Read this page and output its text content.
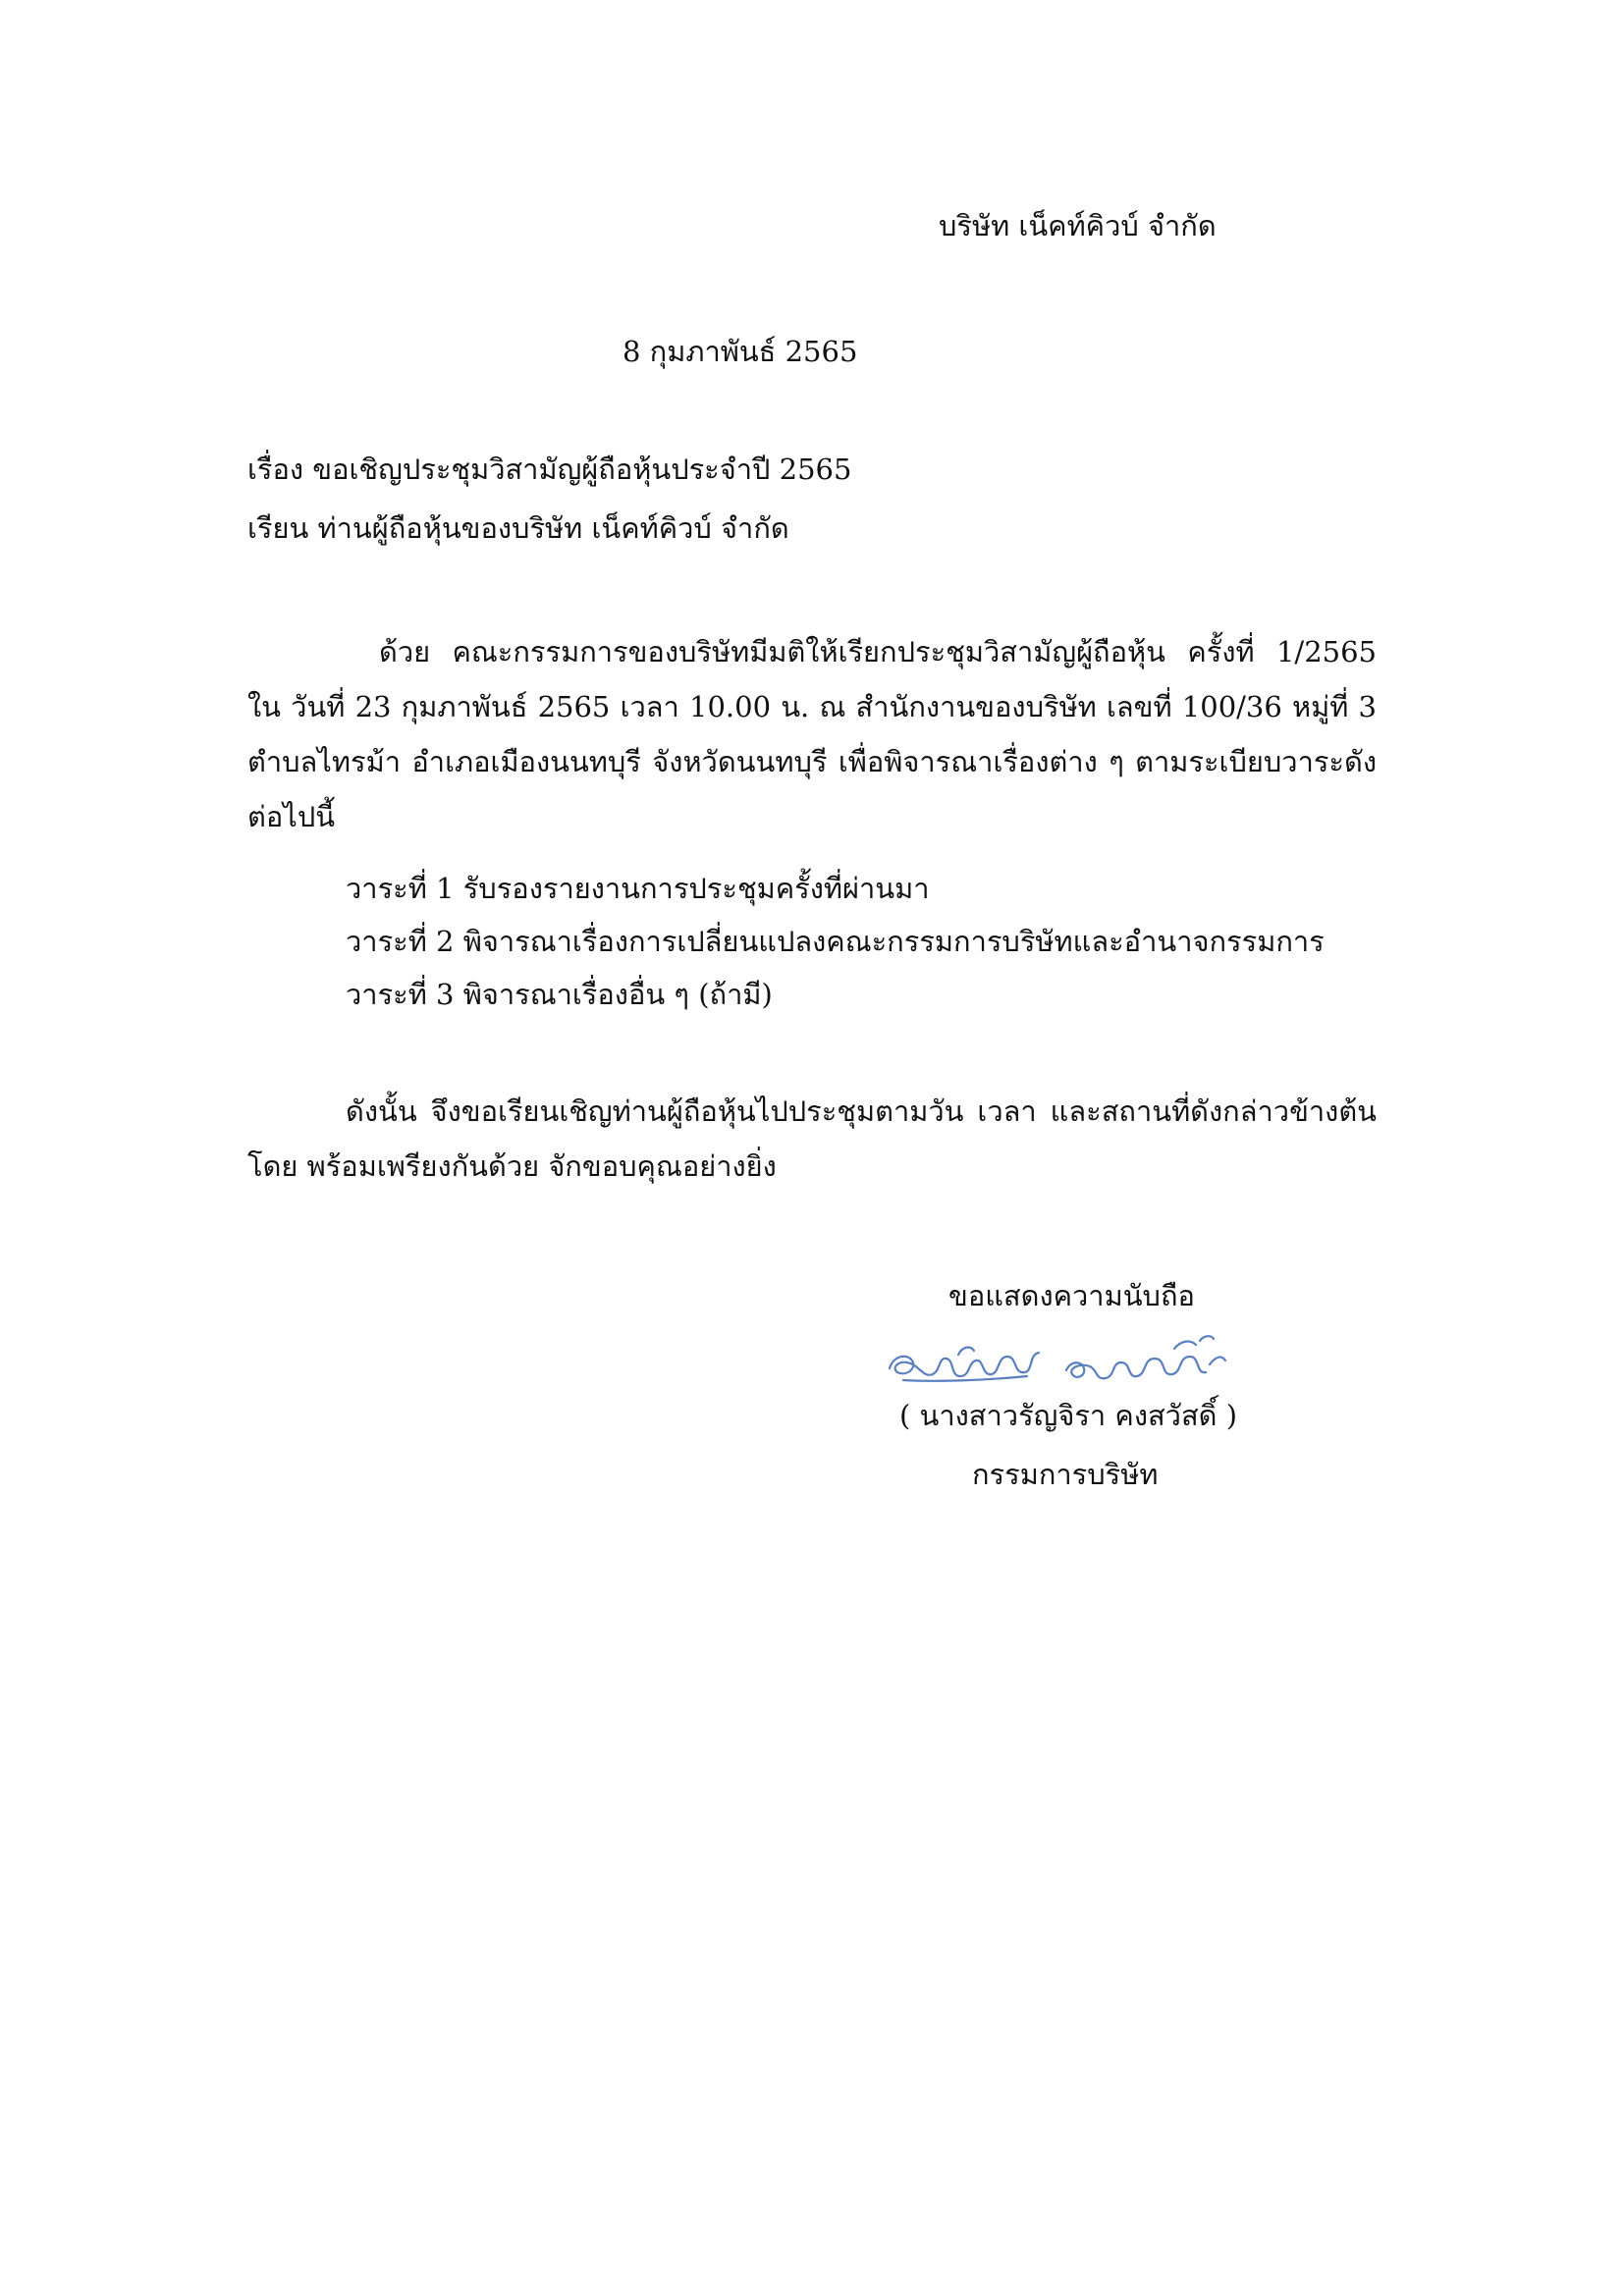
บริษัท เน็คท์คิวบ์ จำกัด
8 กุมภาพันธ์ 2565
เรื่อง ขอเชิญประชุมวิสามัญผู้ถือหุ้นประจำปี 2565
เรียน ท่านผู้ถือหุ้นของบริษัท เน็คท์คิวบ์ จำกัด
ด้วย คณะกรรมการของบริษัทมีมติให้เรียกประชุมวิสามัญผู้ถือหุ้น ครั้งที่ 1/2565 ใน วันที่ 23 กุมภาพันธ์ 2565 เวลา 10.00 น. ณ สำนักงานของบริษัท เลขที่ 100/36 หมู่ที่ 3 ตำบลไทรม้า อำเภอเมืองนนทบุรี จังหวัดนนทบุรี เพื่อพิจารณาเรื่องต่าง ๆ ตามระเบียบวาระดังต่อไปนี้
วาระที่ 1 รับรองรายงานการประชุมครั้งที่ผ่านมา
วาระที่ 2 พิจารณาเรื่องการเปลี่ยนแปลงคณะกรรมการบริษัทและอำนาจกรรมการ
วาระที่ 3 พิจารณาเรื่องอื่น ๆ (ถ้ามี)
ดังนั้น จึงขอเรียนเชิญท่านผู้ถือหุ้นไปประชุมตามวัน เวลา และสถานที่ดังกล่าวข้างต้น โดย พร้อมเพรียงกันด้วย จักขอบคุณอย่างยิ่ง
ขอแสดงความนับถือ
( นางสาวรัญจิรา คงสวัสดิ์ )
กรรมการบริษัท
